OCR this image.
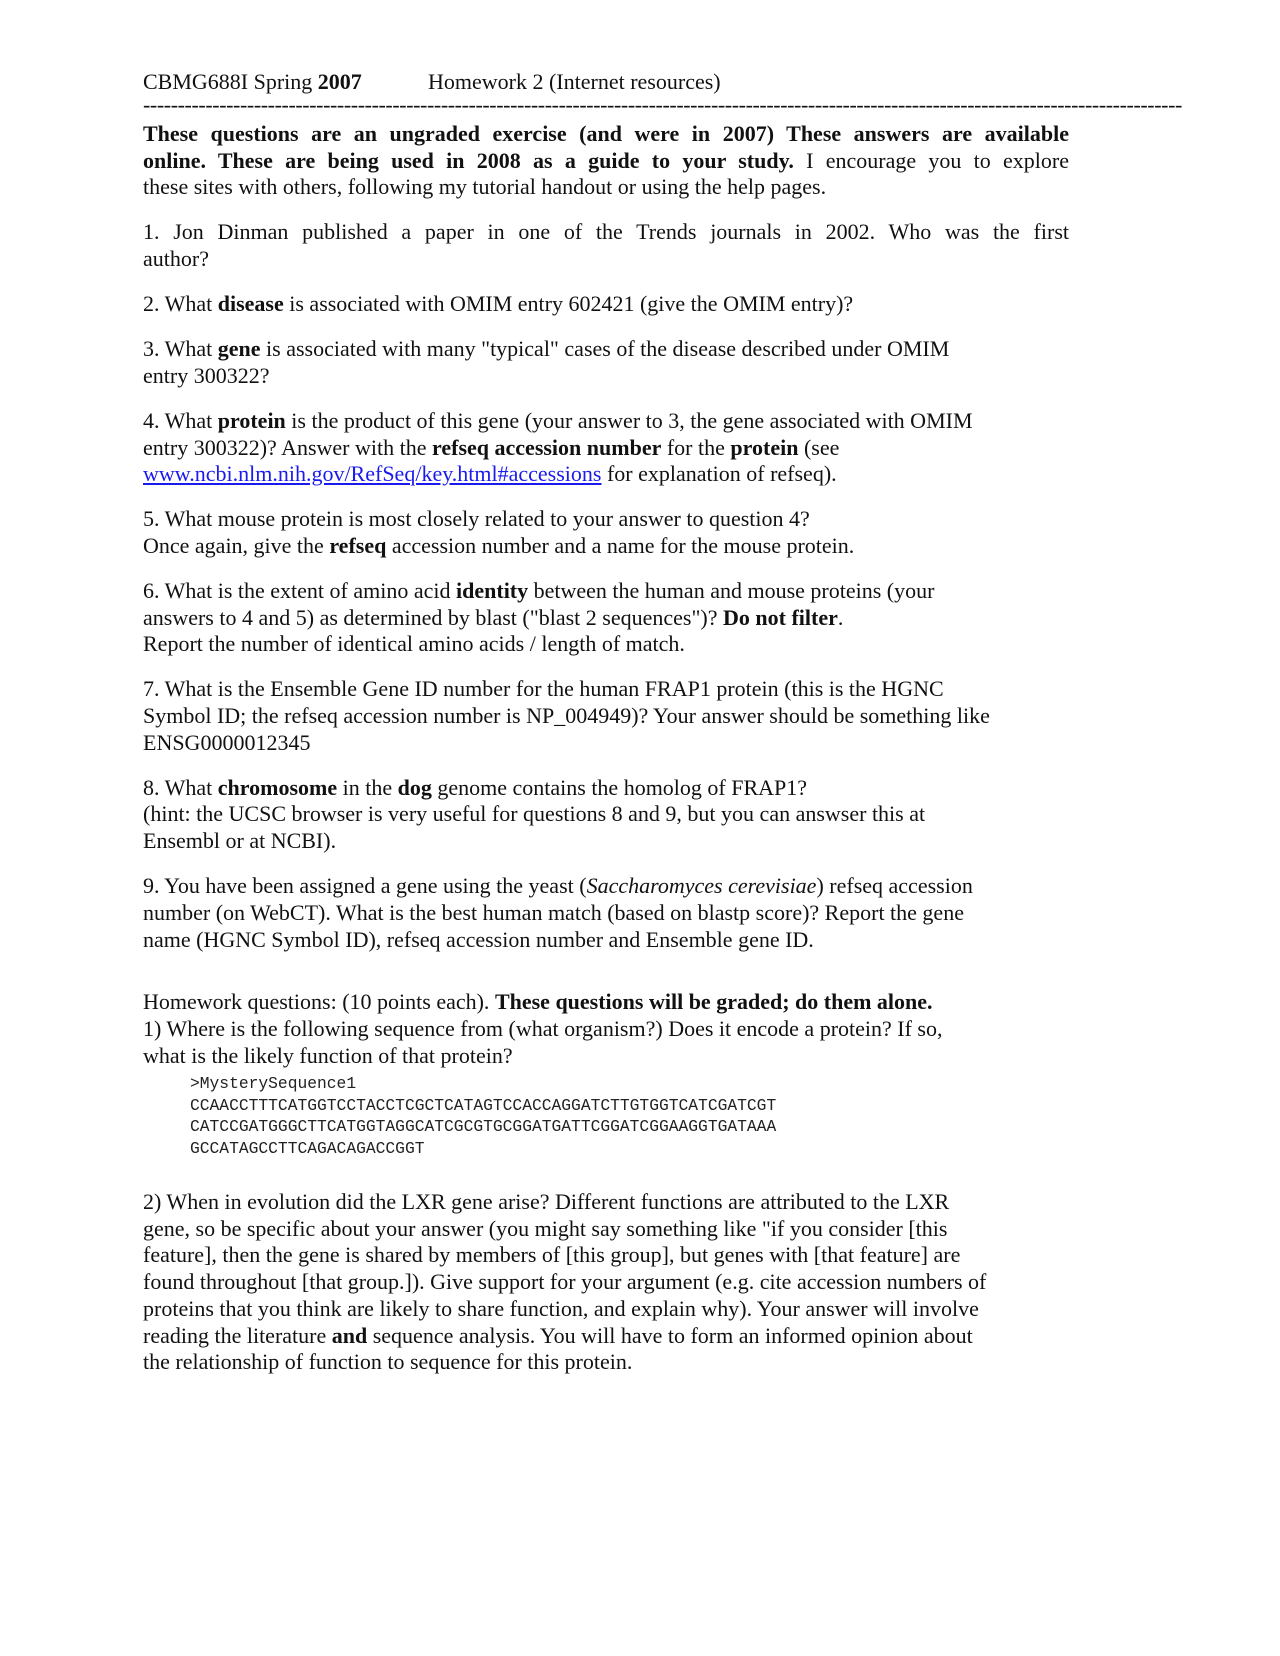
CBMG688I Spring 2007	Homework 2 (Internet resources)
------------------------------------------------------------------------------------------------------------------------------------------------------
These questions are an ungraded exercise (and were in 2007) These answers are available
online. These are being used in 2008 as a guide to your study. I encourage you to explore
these sites with others, following my tutorial handout or using the help pages.
1. Jon Dinman published a paper in one of the Trends journals in 2002. Who was the first
author?
2. What disease is associated with OMIM entry 602421 (give the OMIM entry)?
3. What gene is associated with many "typical" cases of the disease described under OMIM
entry 300322?
4. What protein is the product of this gene (your answer to 3, the gene associated with OMIM
entry 300322)? Answer with the refseq accession number for the protein (see
www.ncbi.nlm.nih.gov/RefSeq/key.html#accessions for explanation of refseq).
5. What mouse protein is most closely related to your answer to question 4?
Once again, give the refseq accession number and a name for the mouse protein.
6. What is the extent of amino acid identity between the human and mouse proteins (your
answers to 4 and 5) as determined by blast ("blast 2 sequences")? Do not filter.
Report the number of identical amino acids / length of match.
7. What is the Ensemble Gene ID number for the human FRAP1 protein (this is the HGNC
Symbol ID; the refseq accession number is NP_004949)? Your answer should be something like
ENSG0000012345
8. What chromosome in the dog genome contains the homolog of FRAP1?
(hint: the UCSC browser is very useful for questions 8 and 9, but you can answser this at
Ensembl or at NCBI).
9. You have been assigned a gene using the yeast (Saccharomyces cerevisiae) refseq accession
number (on WebCT). What is the best human match (based on blastp score)? Report the gene
name (HGNC Symbol ID), refseq accession number and Ensemble gene ID.
Homework questions: (10 points each). These questions will be graded; do them alone.
1) Where is the following sequence from (what organism?) Does it encode a protein? If so,
what is the likely function of that protein?
>MysterySequence1
CCAACCTTTCATGGTCCTACCTCGCTCATAGTCCACCAGGATCTTGTGGTCATCGATCGT
CATCCGATGGGCTTCATGGTAGGCATCGCGTGCGGATGATTCGGATCGGAAGGTGATAAA
GCCATAGCCTTCAGACAGACCGGT
2) When in evolution did the LXR gene arise? Different functions are attributed to the LXR
gene, so be specific about your answer (you might say something like "if you consider [this
feature], then the gene is shared by members of [this group], but genes with [that feature] are
found throughout [that group.]). Give support for your argument (e.g. cite accession numbers of
proteins that you think are likely to share function, and explain why). Your answer will involve
reading the literature and sequence analysis. You will have to form an informed opinion about
the relationship of function to sequence for this protein.
